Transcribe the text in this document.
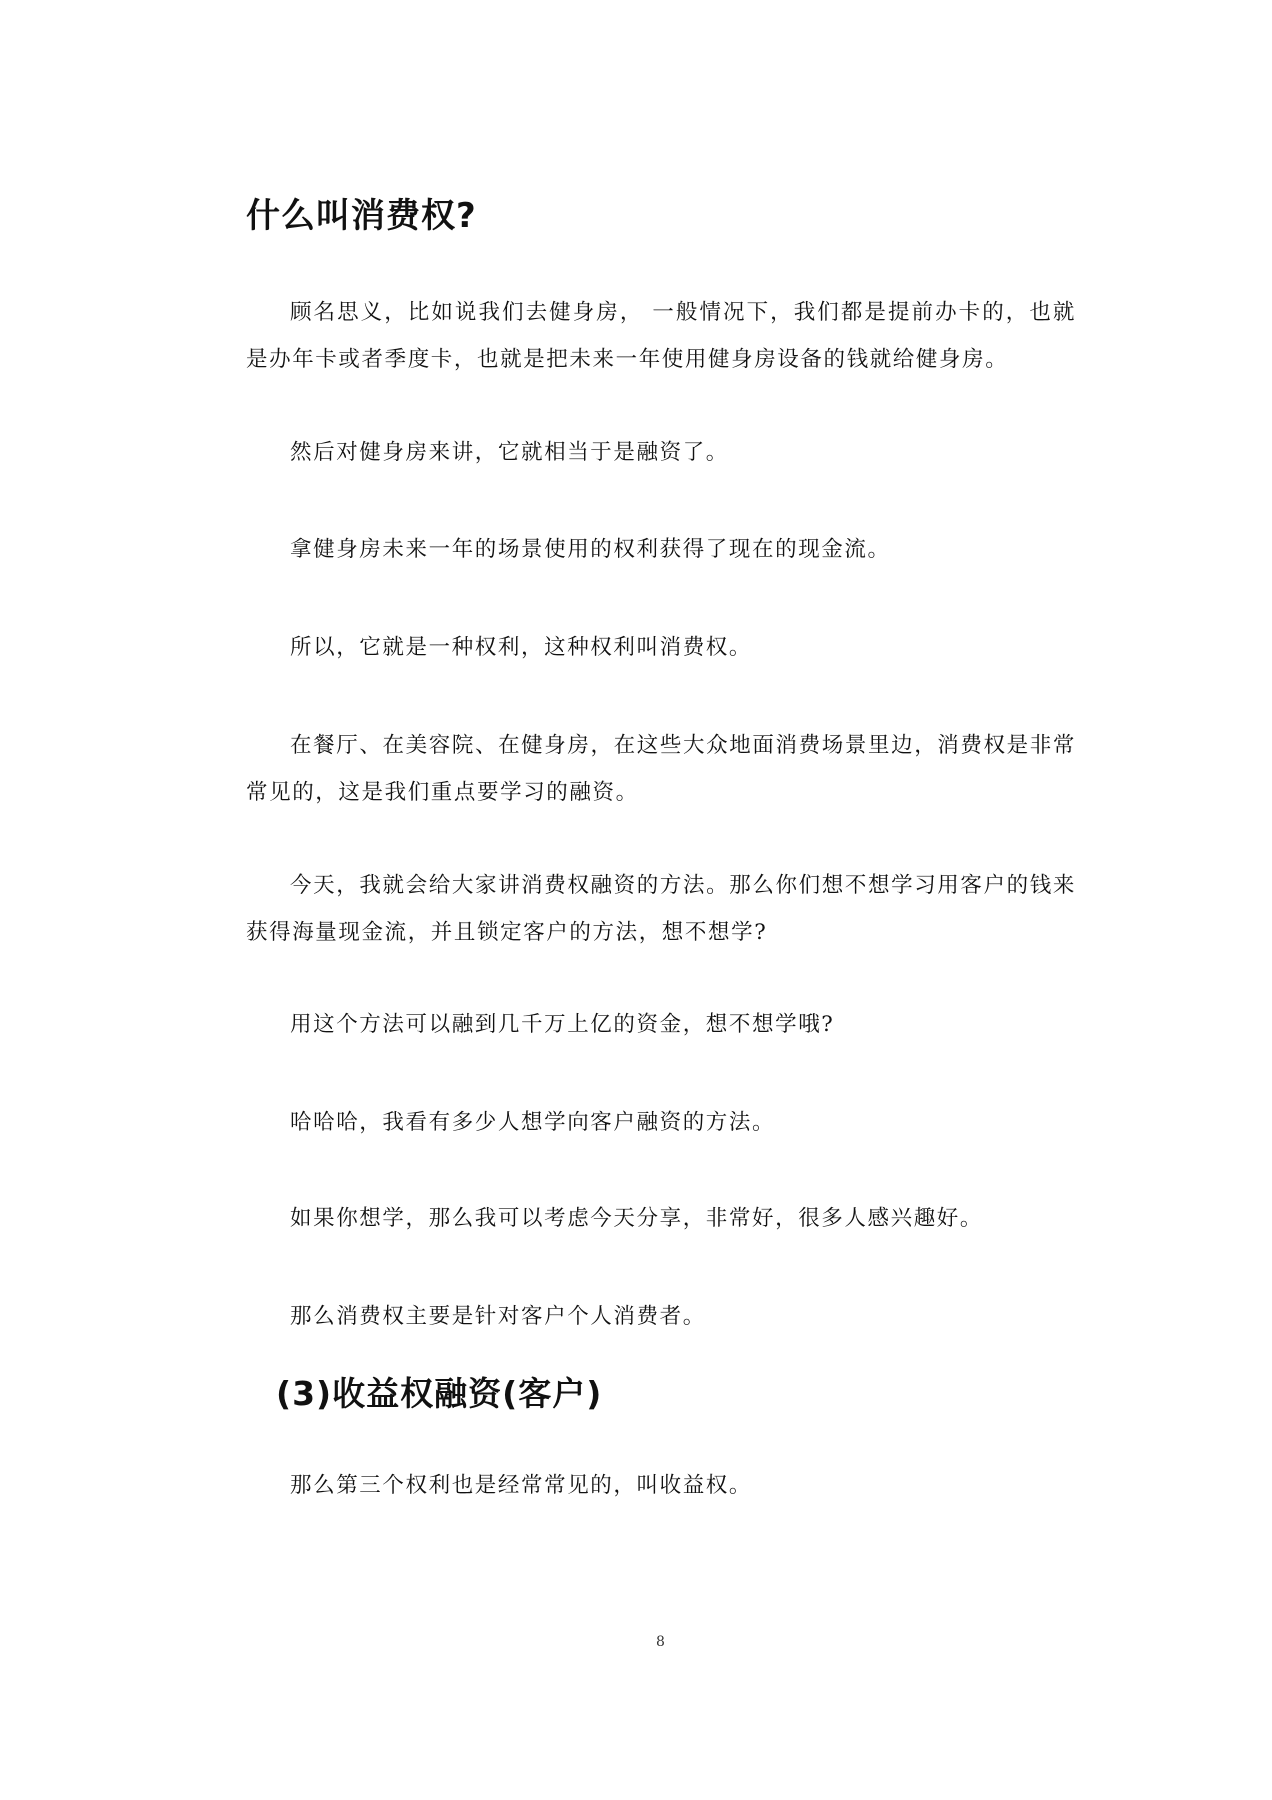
什么叫消费权?

顾名思义，比如说我们去健身房， 一般情况下，我们都是提前办卡的，也就是办年卡或者季度卡，也就是把未来一年使用健身房设备的钱就给健身房。

然后对健身房来讲，它就相当于是融资了。

拿健身房未来一年的场景使用的权利获得了现在的现金流。

所以，它就是一种权利，这种权利叫消费权。

在餐厅、在美容院、在健身房，在这些大众地面消费场景里边，消费权是非常常见的，这是我们重点要学习的融资。

今天，我就会给大家讲消费权融资的方法。那么你们想不想学习用客户的钱来获得海量现金流，并且锁定客户的方法，想不想学?

用这个方法可以融到几千万上亿的资金，想不想学哦?

哈哈哈，我看有多少人想学向客户融资的方法。

如果你想学，那么我可以考虑今天分享，非常好，很多人感兴趣好。

那么消费权主要是针对客户个人消费者。

(3)收益权融资(客户)

那么第三个权利也是经常常见的，叫收益权。

8
